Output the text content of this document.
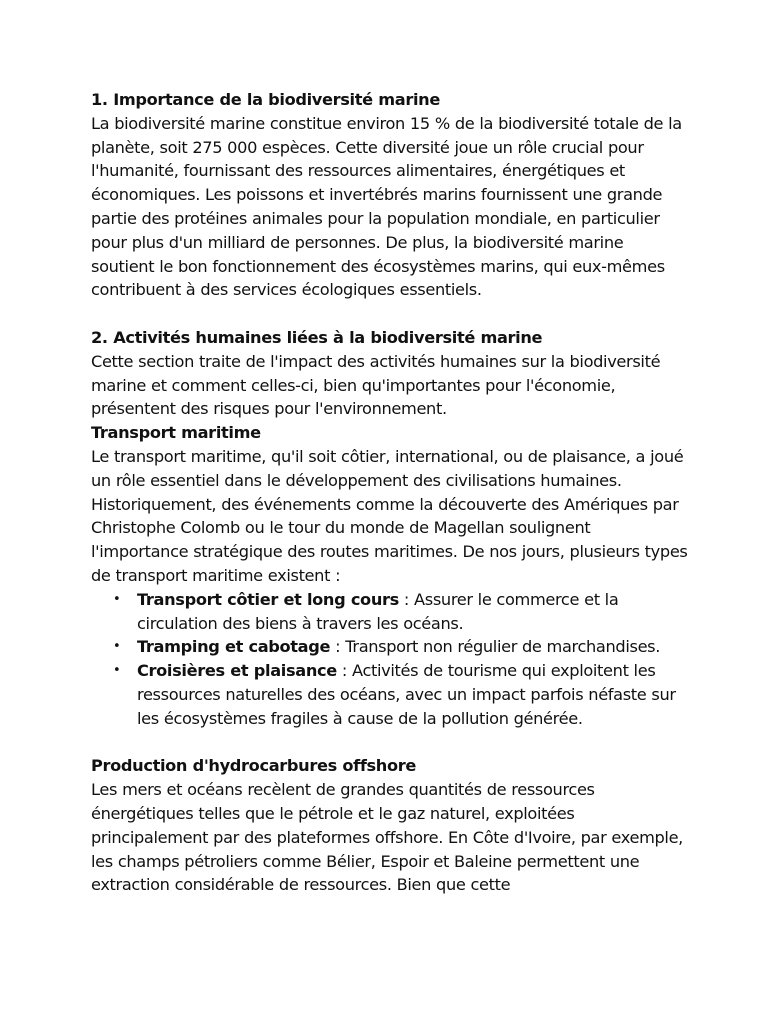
1. Importance de la biodiversité marine

La biodiversité marine constitue environ 15 % de la biodiversité totale de la planète, soit 275 000 espèces. Cette diversité joue un rôle crucial pour l'humanité, fournissant des ressources alimentaires, énergétiques et économiques. Les poissons et invertébrés marins fournissent une grande partie des protéines animales pour la population mondiale, en particulier pour plus d'un milliard de personnes. De plus, la biodiversité marine soutient le bon fonctionnement des écosystèmes marins, qui eux-mêmes contribuent à des services écologiques essentiels.

2. Activités humaines liées à la biodiversité marine

Cette section traite de l'impact des activités humaines sur la biodiversité marine et comment celles-ci, bien qu'importantes pour l'économie, présentent des risques pour l'environnement.

Transport maritime

Le transport maritime, qu'il soit côtier, international, ou de plaisance, a joué un rôle essentiel dans le développement des civilisations humaines. Historiquement, des événements comme la découverte des Amériques par Christophe Colomb ou le tour du monde de Magellan soulignent l'importance stratégique des routes maritimes. De nos jours, plusieurs types de transport maritime existent :

• Transport côtier et long cours : Assurer le commerce et la circulation des biens à travers les océans.
• Tramping et cabotage : Transport non régulier de marchandises.
• Croisières et plaisance : Activités de tourisme qui exploitent les ressources naturelles des océans, avec un impact parfois néfaste sur les écosystèmes fragiles à cause de la pollution générée.

Production d'hydrocarbures offshore

Les mers et océans recèlent de grandes quantités de ressources énergétiques telles que le pétrole et le gaz naturel, exploitées principalement par des plateformes offshore. En Côte d'Ivoire, par exemple, les champs pétroliers comme Bélier, Espoir et Baleine permettent une extraction considérable de ressources. Bien que cette
